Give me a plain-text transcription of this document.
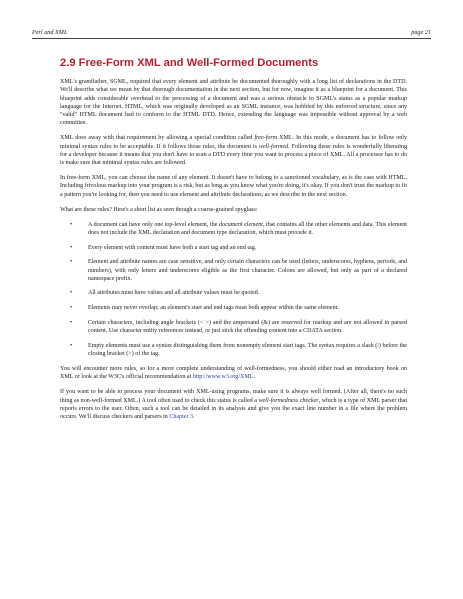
Perl and XML	page 21
2.9 Free-Form XML and Well-Formed Documents

XML's grandfather, SGML, required that every element and attribute be documented thoroughly with a long list of declarations in the DTD. We'll describe what we mean by that thorough documentation in the next section, but for now, imagine it as a blueprint for a document. This blueprint adds considerable overhead to the processing of a document and was a serious obstacle to SGML's status as a popular markup language for the Internet. HTML, which was originally developed as an SGML instance, was hobbled by this enforced structure, since any "valid" HTML document had to conform to the HTML DTD. Hence, extending the language was impossible without approval by a web committee.

XML does away with that requirement by allowing a special condition called free-form XML. In this mode, a document has to follow only minimal syntax rules to be acceptable. If it follows those rules, the document is well-formed. Following these rules is wonderfully liberating for a developer because it means that you don't have to scan a DTD every time you want to process a piece of XML. All a processor has to do is make sure that minimal syntax rules are followed.

In free-form XML, you can choose the name of any element. It doesn't have to belong to a sanctioned vocabulary, as is the case with HTML. Including frivolous markup into your program is a risk, but as long as you know what you're doing, it's okay. If you don't trust the markup to fit a pattern you're looking for, then you need to use element and attribute declarations, as we describe in the next section.

What are these rules? Here's a short list as seen though a coarse-grained spyglass:

•	A document can have only one top-level element, the document element, that contains all the other elements and data. This element does not include the XML declaration and document type declaration, which must precede it.
•	Every element with content must have both a start tag and an end tag.
•	Element and attribute names are case sensitive, and only certain characters can be used (letters, underscores, hyphens, periods, and numbers), with only letters and underscores eligible as the first character. Colons are allowed, but only as part of a declared namespace prefix.
•	All attributes must have values and all attribute values must be quoted.
•	Elements may never overlap; an element's start and end tags must both appear within the same element.
•	Certain characters, including angle brackets (< >) and the ampersand (&) are reserved for markup and are not allowed in parsed content. Use character entity references instead, or just stick the offending content into a CDATA section.
•	Empty elements must use a syntax distinguishing them from nonempty element start tags. The syntax requires a slash (/) before the closing bracket (>) of the tag.

You will encounter more rules, so for a more complete understanding of well-formedness, you should either read an introductory book on XML or look at the W3C's official recommendation at http://www.w3.org/XML.

If you want to be able to process your document with XML-using programs, make sure it is always well formed. (After all, there's no such thing as non-well-formed XML.) A tool often used to check this status is called a well-formedness checker, which is a type of XML parser that reports errors to the user. Often, such a tool can be detailed in its analysis and give you the exact line number in a file where the problem occurs. We'll discuss checkers and parsers in Chapter 3.
